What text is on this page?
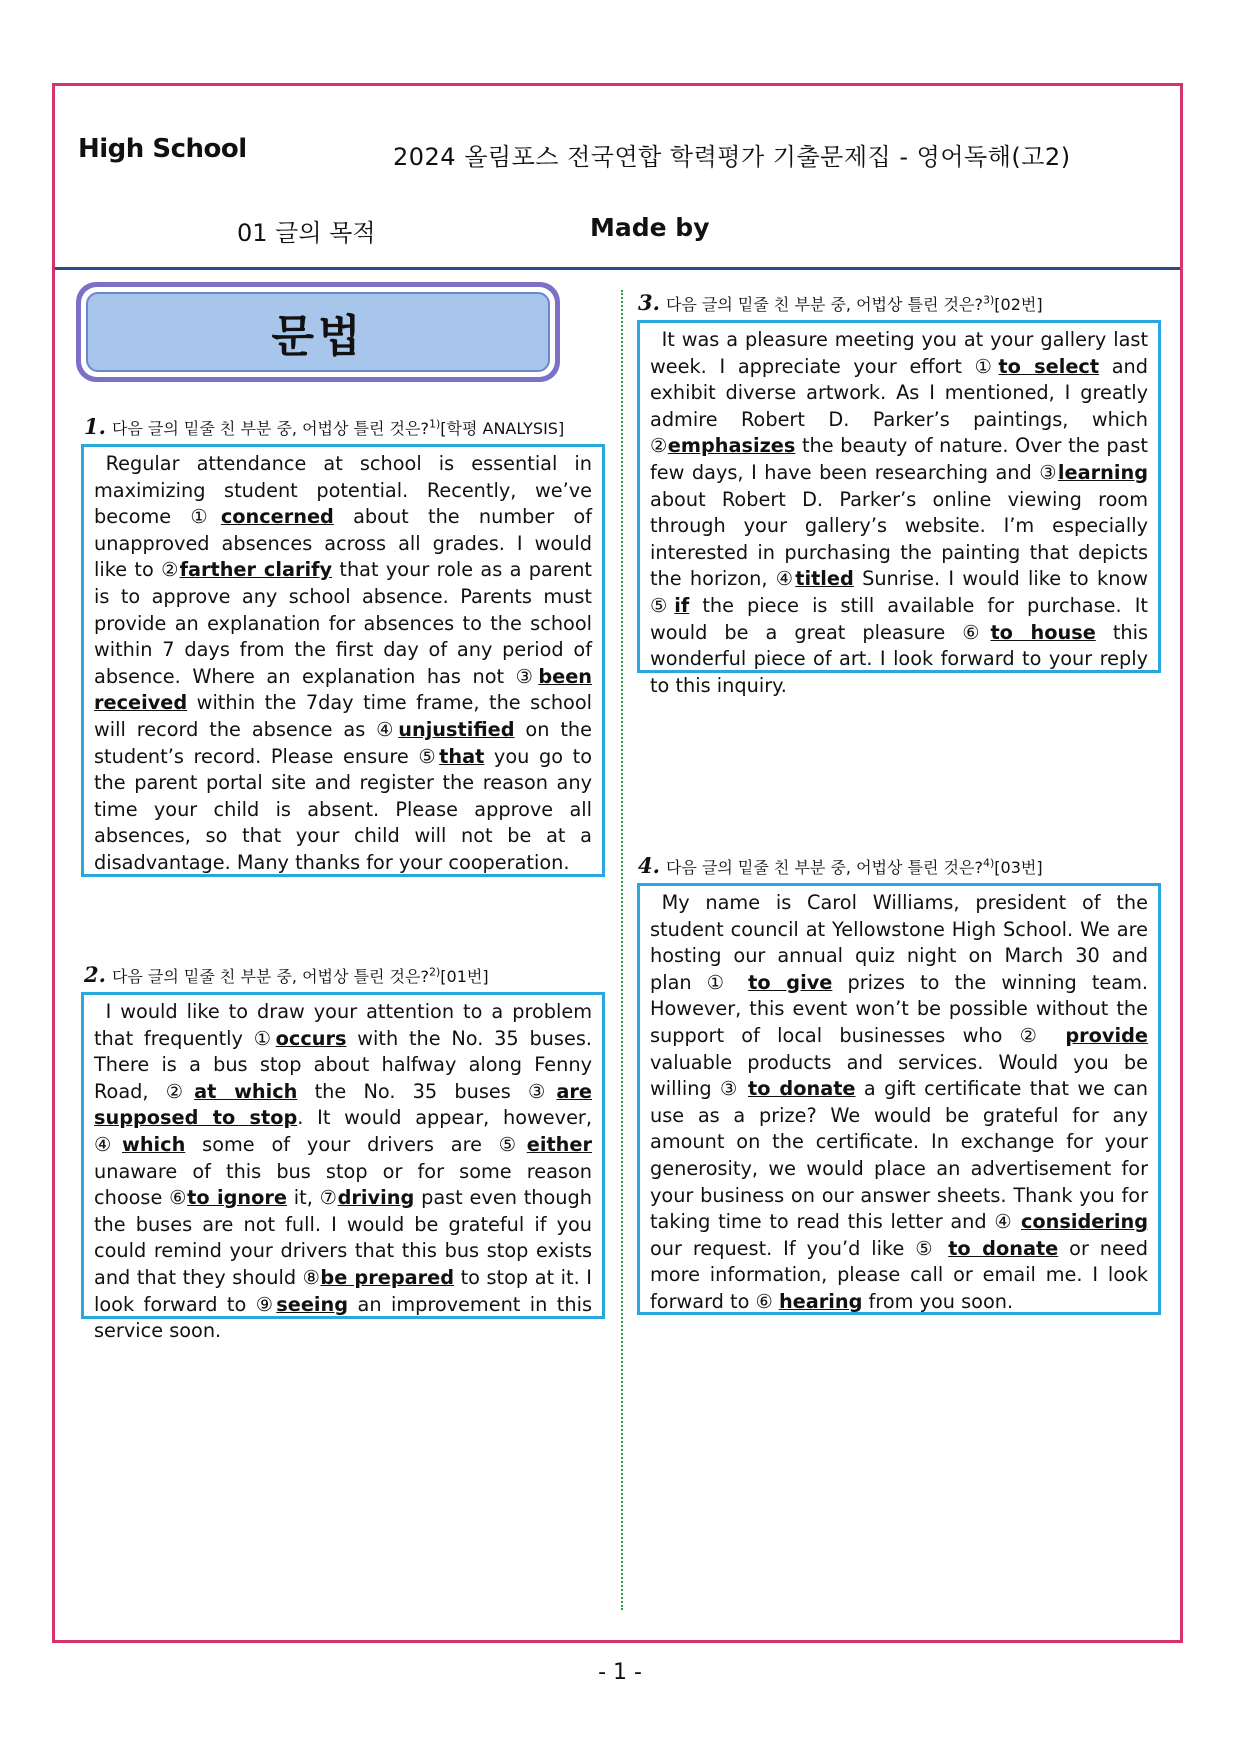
High School	2024 올림포스 전국연합 학력평가 기출문제집 - 영어독해(고2)
01 글의 목적	Made by
문법
1. 다음 글의 밑줄 친 부분 중, 어법상 틀린 것은?$^{1)}$[학평 ANALYSIS]
Regular attendance at school is essential in maximizing student potential. Recently, we’ve become ①concerned about the number of unapproved absences across all grades. I would like to ②farther clarify that your role as a parent is to approve any school absence. Parents must provide an explanation for absences to the school within 7 days from the first day of any period of absence. Where an explanation has not ③been received within the 7day time frame, the school will record the absence as ④unjustified on the student’s record. Please ensure ⑤that you go to the parent portal site and register the reason any time your child is absent. Please approve all absences, so that your child will not be at a disadvantage. Many thanks for your cooperation.
2. 다음 글의 밑줄 친 부분 중, 어법상 틀린 것은?$^{2)}$[01번]
I would like to draw your attention to a problem that frequently ①occurs with the No. 35 buses. There is a bus stop about halfway along Fenny Road, ②at which the No. 35 buses ③are supposed to stop. It would appear, however, ④which some of your drivers are ⑤either unaware of this bus stop or for some reason choose ⑥to ignore it, ⑦driving past even though the buses are not full. I would be grateful if you could remind your drivers that this bus stop exists and that they should ⑧be prepared to stop at it. I look forward to ⑨seeing an improvement in this service soon.
3. 다음 글의 밑줄 친 부분 중, 어법상 틀린 것은?$^{3)}$[02번]
It was a pleasure meeting you at your gallery last week. I appreciate your effort ①to select and exhibit diverse artwork. As I mentioned, I greatly admire Robert D. Parker’s paintings, which ②emphasizes the beauty of nature. Over the past few days, I have been researching and ③learning about Robert D. Parker’s online viewing room through your gallery’s website. I’m especially interested in purchasing the painting that depicts the horizon, ④titled Sunrise. I would like to know ⑤if the piece is still available for purchase. It would be a great pleasure ⑥to house this wonderful piece of art. I look forward to your reply to this inquiry.
4. 다음 글의 밑줄 친 부분 중, 어법상 틀린 것은?$^{4)}$[03번]
My name is Carol Williams, president of the student council at Yellowstone High School. We are hosting our annual quiz night on March 30 and plan ① to give prizes to the winning team. However, this event won’t be possible without the support of local businesses who ② provide valuable products and services. Would you be willing ③ to donate a gift certificate that we can use as a prize? We would be grateful for any amount on the certificate. In exchange for your generosity, we would place an advertisement for your business on our answer sheets. Thank you for taking time to read this letter and ④ considering our request. If you’d like ⑤ to donate or need more information, please call or email me. I look forward to ⑥ hearing from you soon.
- 1 -
